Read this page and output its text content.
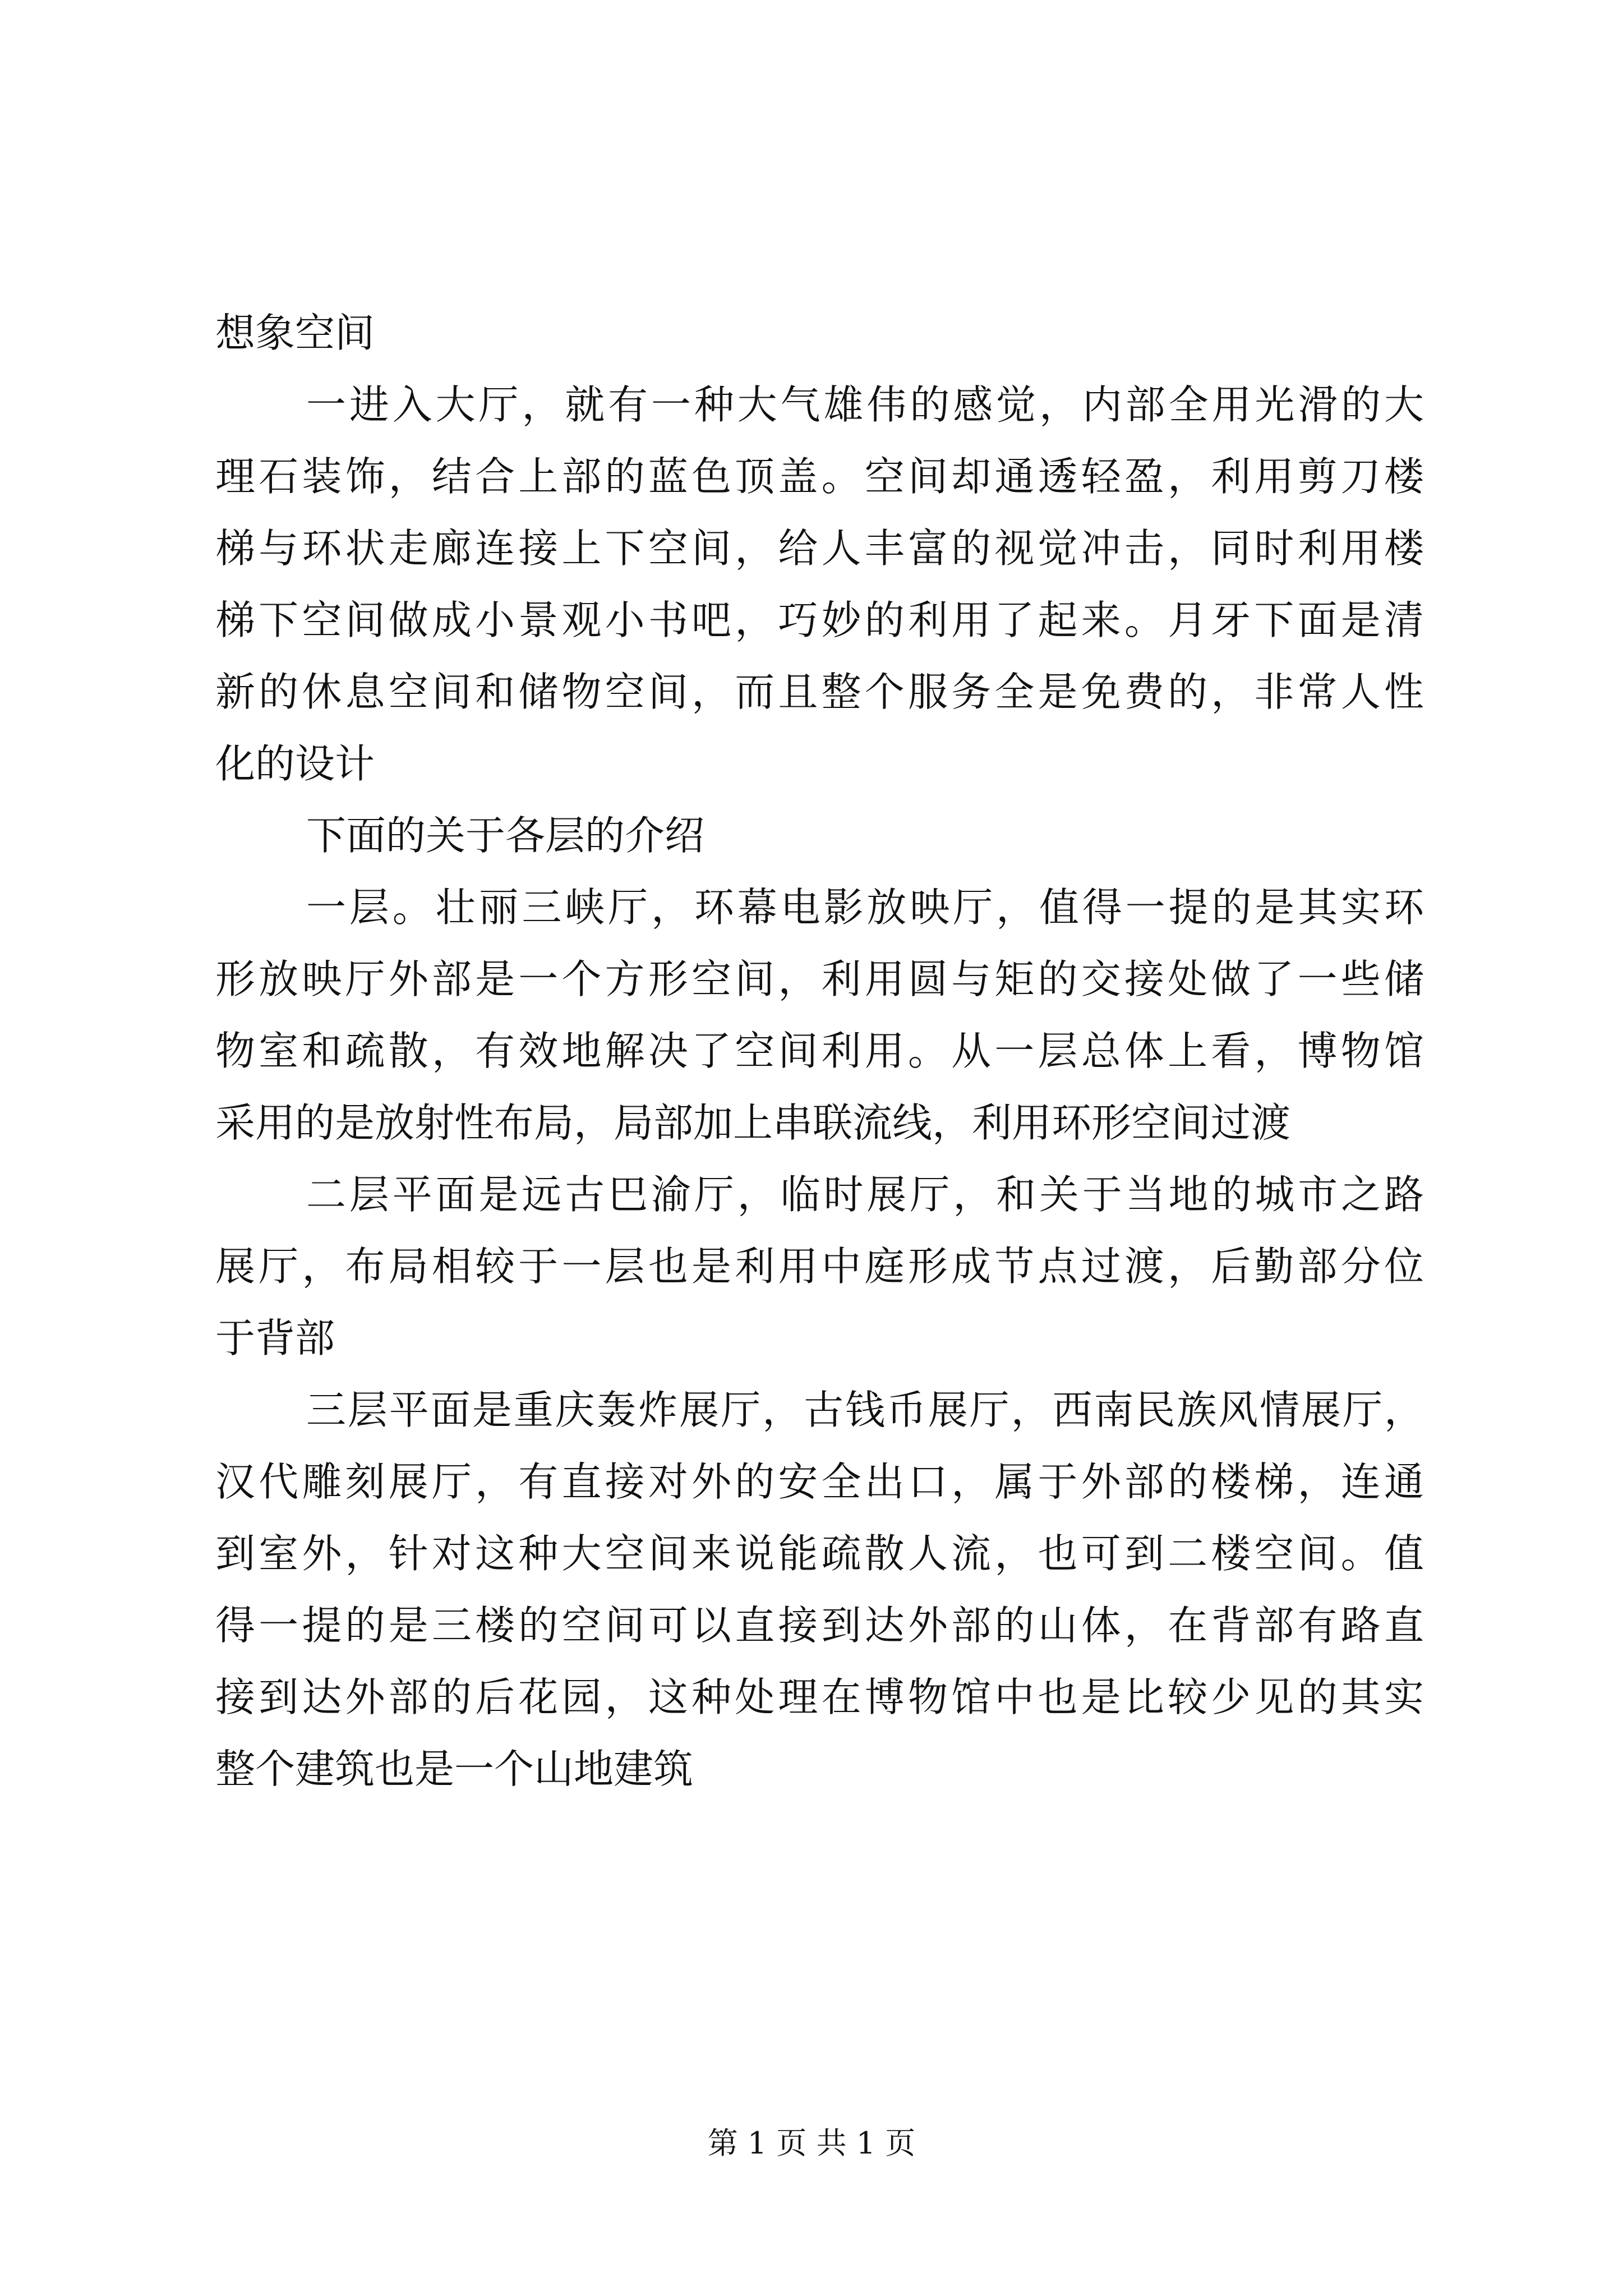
想象空间
一进入大厅，就有一种大气雄伟的感觉，内部全用光滑的大
理石装饰，结合上部的蓝色顶盖。空间却通透轻盈，利用剪刀楼
梯与环状走廊连接上下空间，给人丰富的视觉冲击，同时利用楼
梯下空间做成小景观小书吧，巧妙的利用了起来。月牙下面是清
新的休息空间和储物空间，而且整个服务全是免费的，非常人性
化的设计
下面的关于各层的介绍
一层。壮丽三峡厅，环幕电影放映厅，值得一提的是其实环
形放映厅外部是一个方形空间，利用圆与矩的交接处做了一些储
物室和疏散，有效地解决了空间利用。从一层总体上看，博物馆
采用的是放射性布局，局部加上串联流线，利用环形空间过渡
二层平面是远古巴渝厅，临时展厅，和关于当地的城市之路
展厅，布局相较于一层也是利用中庭形成节点过渡，后勤部分位
于背部
三层平面是重庆轰炸展厅，古钱币展厅，西南民族风情展厅，
汉代雕刻展厅，有直接对外的安全出口，属于外部的楼梯，连通
到室外，针对这种大空间来说能疏散人流，也可到二楼空间。值
得一提的是三楼的空间可以直接到达外部的山体，在背部有路直
接到达外部的后花园，这种处理在博物馆中也是比较少见的其实
整个建筑也是一个山地建筑
第 1 页 共 1 页
